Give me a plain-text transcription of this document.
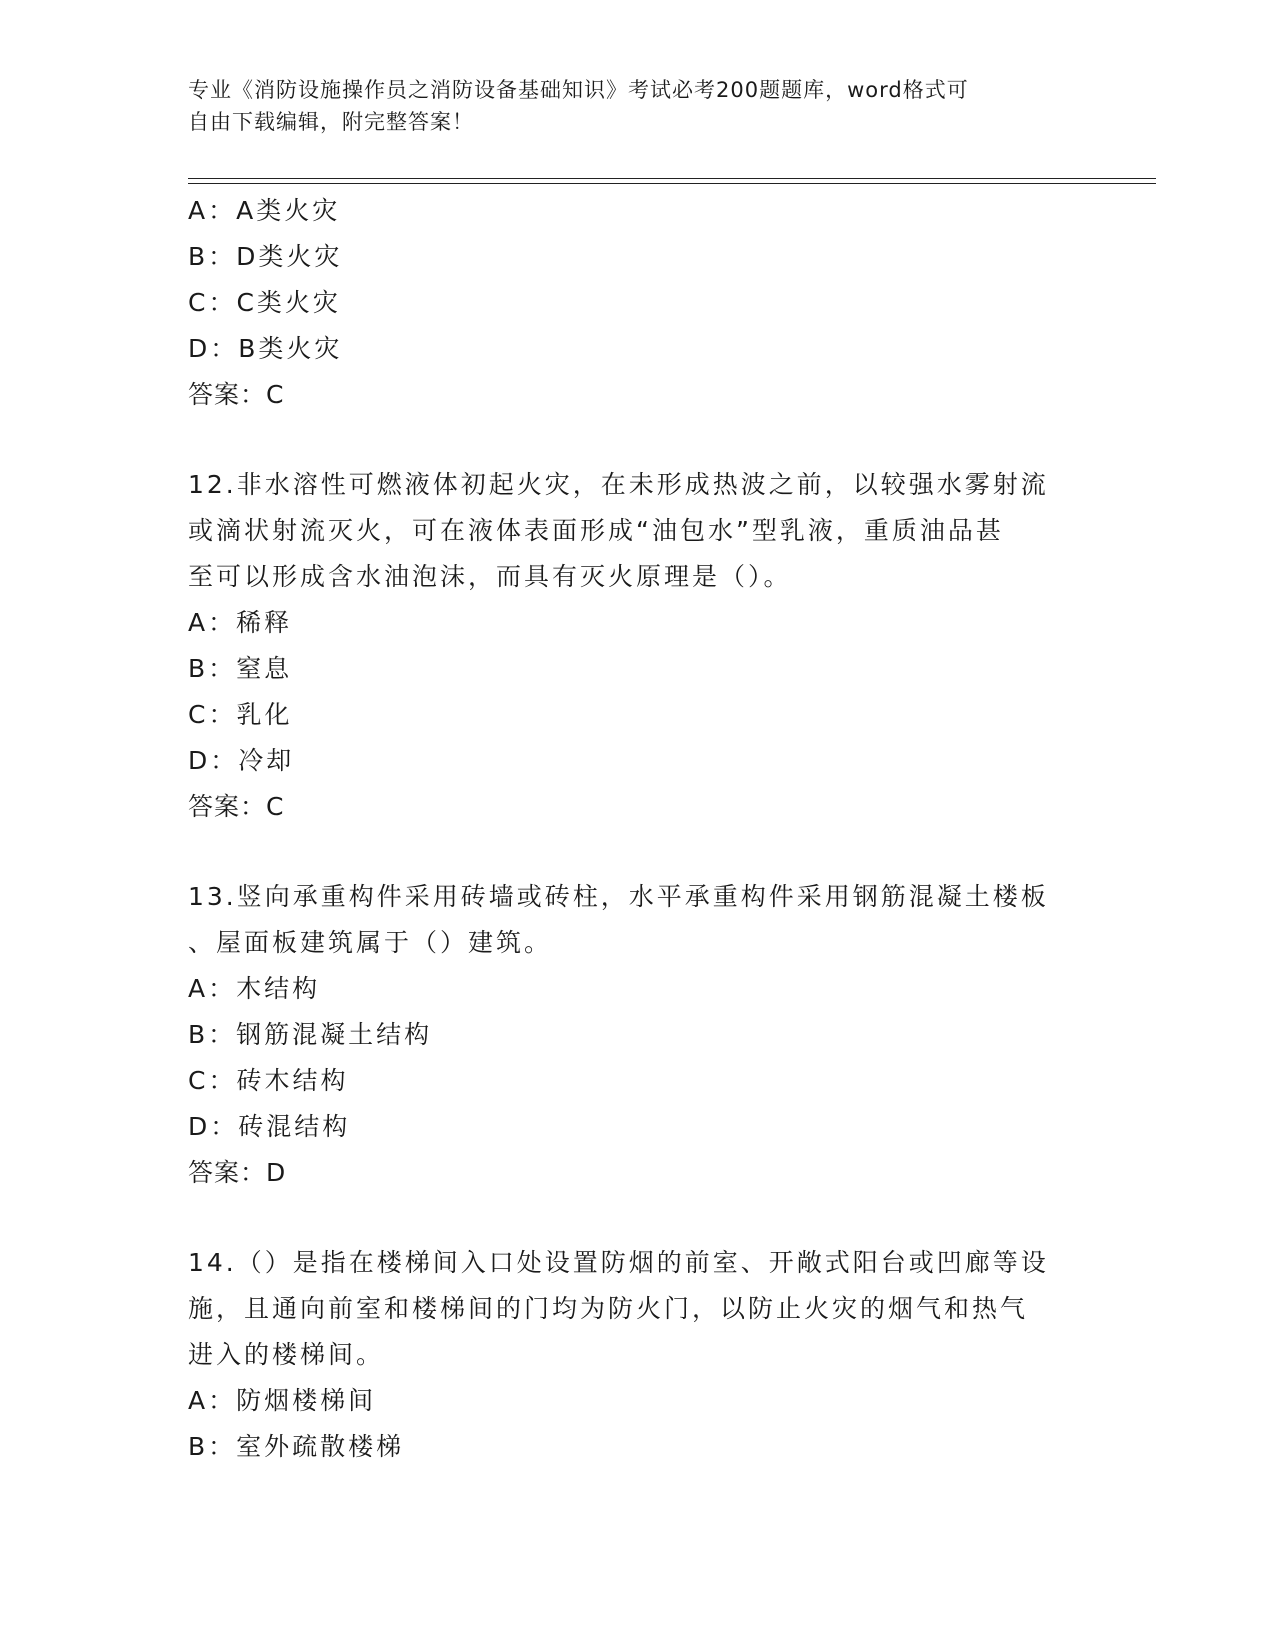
专业《消防设施操作员之消防设备基础知识》考试必考200题题库，word格式可

自由下载编辑，附完整答案！

A：A类火灾
B：D类火灾
C：C类火灾
D：B类火灾
答案：C
12.非水溶性可燃液体初起火灾，在未形成热波之前，以较强水雾射流
或滴状射流灭火，可在液体表面形成“油包水”型乳液，重质油品甚
至可以形成含水油泡沫，而具有灭火原理是（）。
A：稀释
B：窒息
C：乳化
D：冷却
答案：C
13.竖向承重构件采用砖墙或砖柱，水平承重构件采用钢筋混凝土楼板
、屋面板建筑属于（）建筑。
A：木结构
B：钢筋混凝土结构
C：砖木结构
D：砖混结构
答案：D
14.（）是指在楼梯间入口处设置防烟的前室、开敞式阳台或凹廊等设
施，且通向前室和楼梯间的门均为防火门，以防止火灾的烟气和热气
进入的楼梯间。
A：防烟楼梯间
B：室外疏散楼梯
